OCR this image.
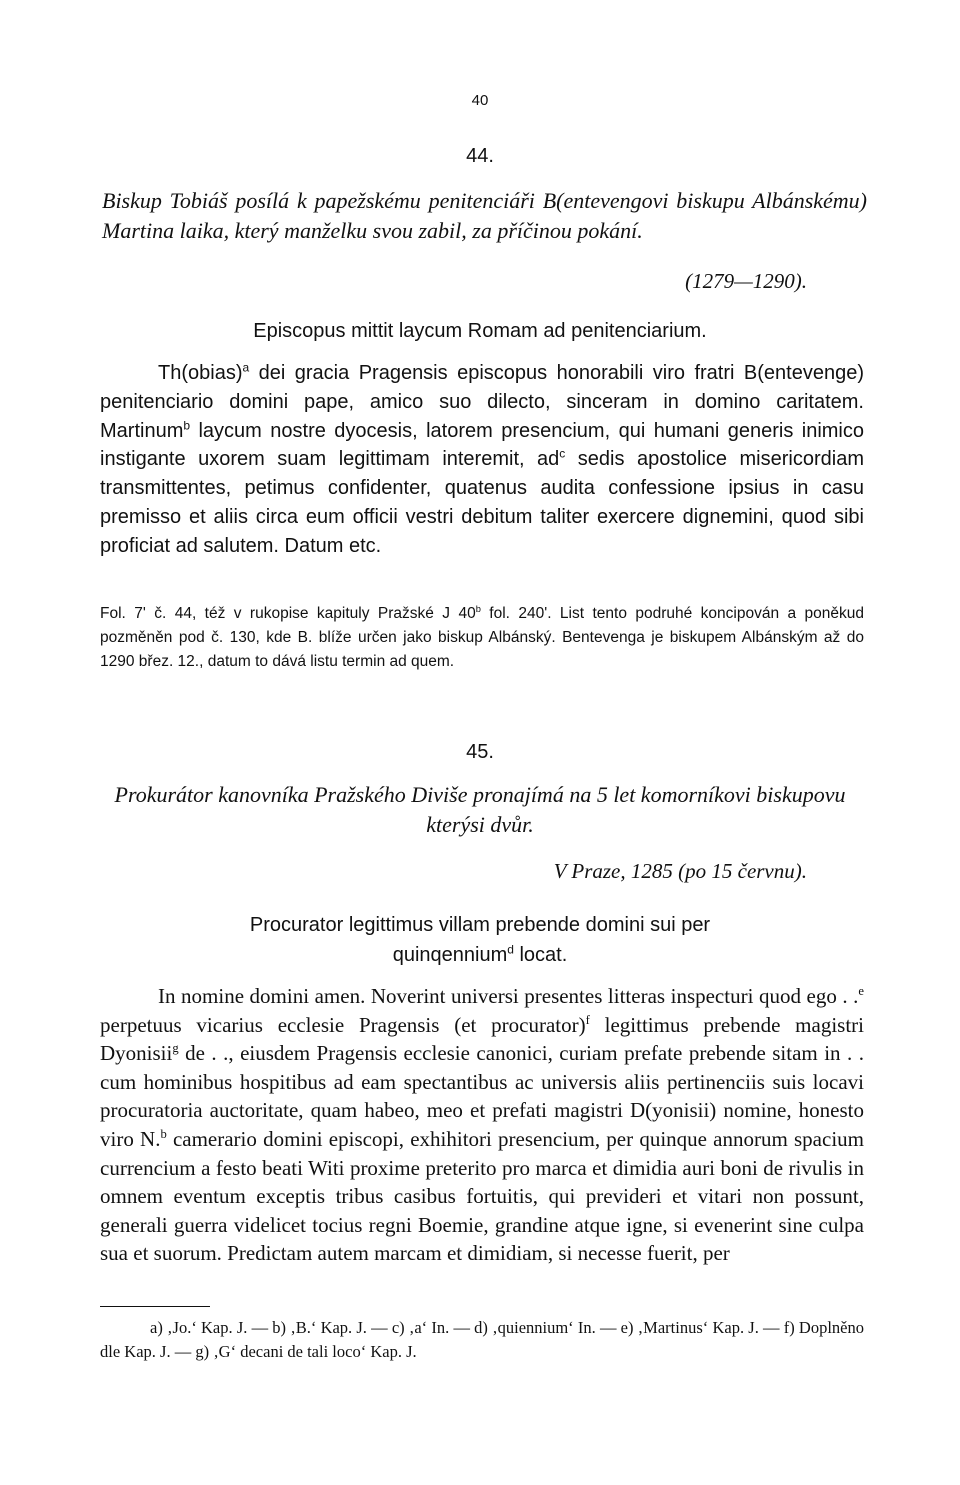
40
44.
Biskup Tobiáš posílá k papežskému penitenciáři B(entevengovi biskupu Albánskému) Martina laika, který manželku svou zabil, za příčinou pokání.
(1279—1290).
Episcopus mittit laycum Romam ad penitenciarium.

Th(obias)$^a$ dei gracia Pragensis episcopus honorabili viro fratri B(entevenge) penitenciario domini pape, amico suo dilecto, sinceram in domino caritatem. Martinum$^b$ laycum nostre dyocesis, latorem presencium, qui humani generis inimico instigante uxorem suam legittimam interemit, $ad^c$ sedis apostolice misericordiam transmittentes, petimus confidenter, quatenus audita confessione ipsius in casu premisso et aliis circa eum officii vestri debitum taliter exercere dignemini, quod sibi proficiat ad salutem. Datum etc.

Fol. 7' č. 44, též v rukopise kapituly Pražské J 40$^b$ fol. 240'. List tento podruhé koncipován a poněkud pozměněn pod č. 130, kde B. blíže určen jako biskup Albánský. Bentevenga je biskupem Albánským až do 1290 břez. 12., datum to dává listu termin ad quem.
45.
Prokurátor kanovníka Pražského Diviše pronajímá na 5 let komorníkovi biskupovu kterýsi dvůr.
V Praze, 1285 (po 15 červnu).
Procurator legittimus villam prebende domini sui per
quinqennium$^d$ locat.

In nomine domini amen. Noverint universi presentes litteras inspecturi quod ego . .$^e$ perpetuus vicarius ecclesie Pragensis (et procurator)$^f$ legittimus prebende magistri Dyonisii$^g$ de . ., eiusdem Pragensis ecclesie canonici, curiam prefate prebende sitam in . . cum hominibus hospitibus ad eam spectantibus ac universis aliis pertinenciis suis locavi procuratoria auctoritate, quam habeo, meo et prefati magistri D(yonisii) nomine, honesto viro N.$^b$ camerario domini episcopi, exhihitori presencium, per quinque annorum spacium currencium a festo beati Witi proxime preterito pro marca et dimidia auri boni de rivulis in omnem eventum exceptis tribus casibus fortuitis, qui previderi et vitari non possunt, generali guerra videlicet tocius regni Boemie, grandine atque igne, si evenerint sine culpa sua et suorum. Predictam autem marcam et dimidiam, si necesse fuerit, per

a) ‚Jo.‘ Kap. J. — b) ‚B.‘ Kap. J. — c) ‚a‘ In. — d) ‚quiennium‘ In. — e) ‚Martinus‘ Kap. J. — f) Doplněno dle Kap. J. — g) ‚G‘ decani de tali loco‘ Kap. J.
